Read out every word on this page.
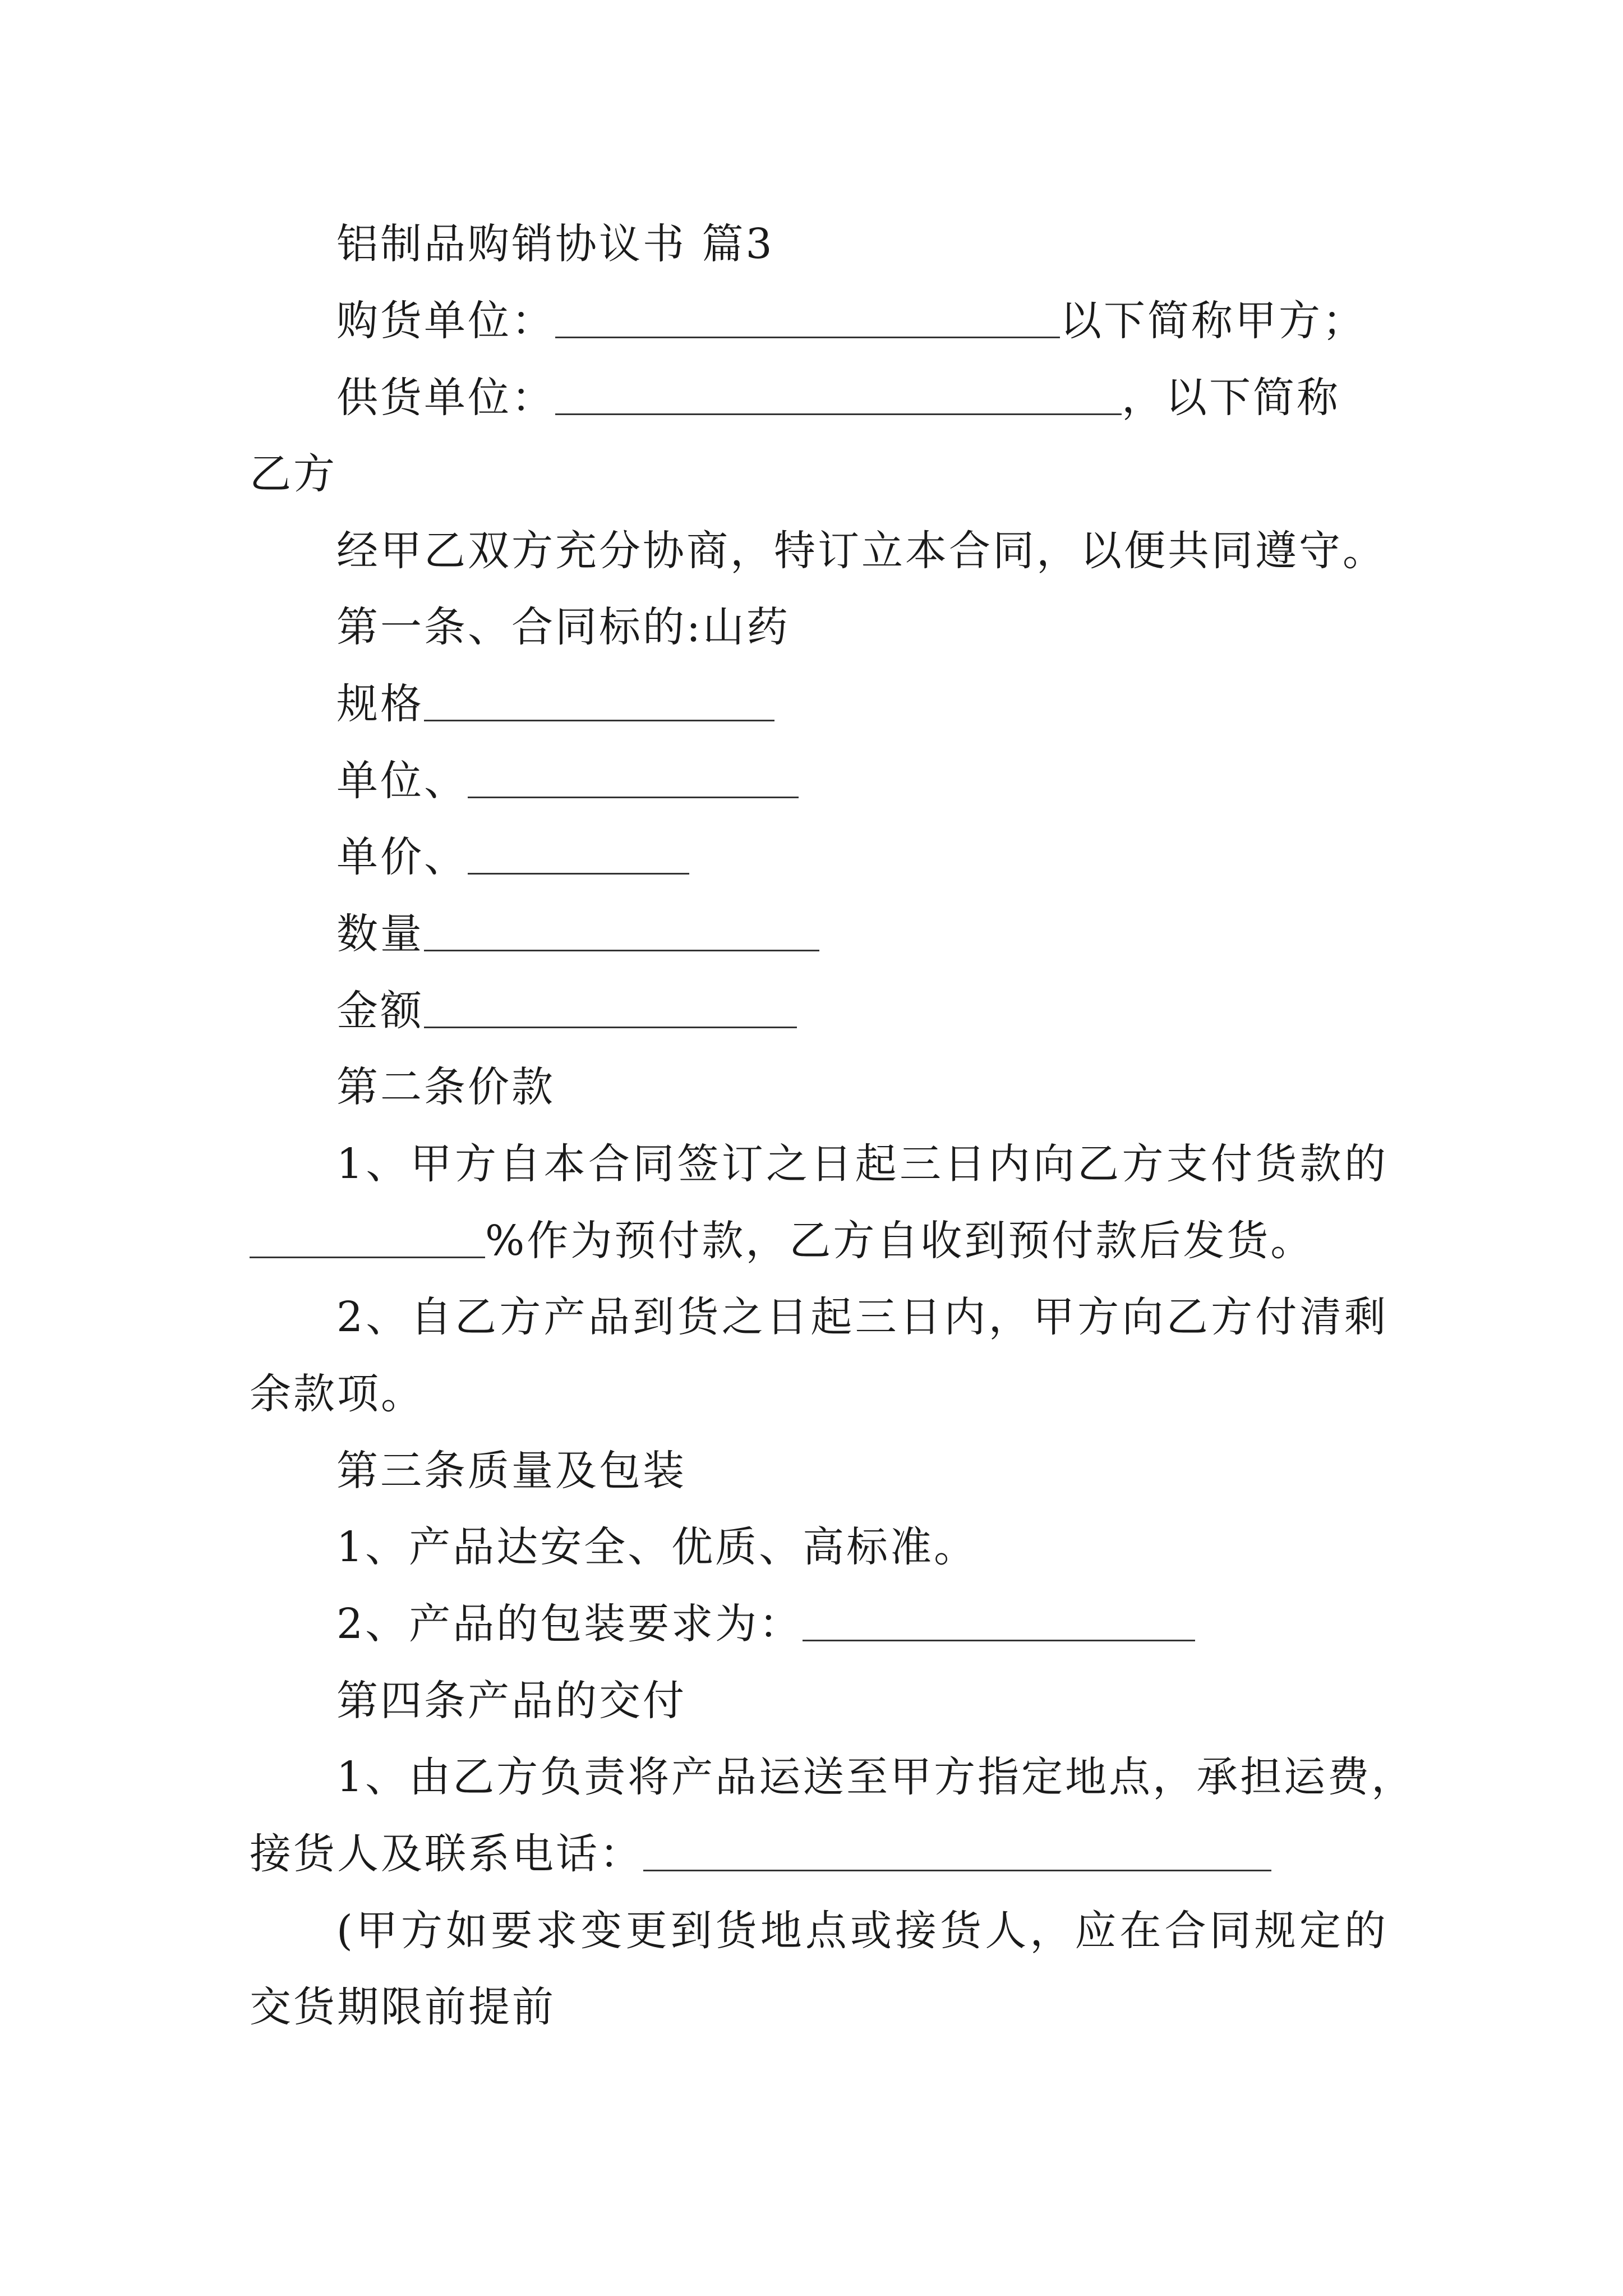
铝制品购销协议书 篇3
购货单位：	以下简称甲方；
供货单位：	，以下简称
乙方
经甲乙双方充分协商，特订立本合同，以便共同遵守。
第一条、合同标的:山药
规格
单位、
单价、
数量
金额
第二条价款
1、甲方自本合同签订之日起三日内向乙方支付货款的
%作为预付款，乙方自收到预付款后发货。
2、自乙方产品到货之日起三日内，甲方向乙方付清剩
余款项。
第三条质量及包装
1、产品达安全、优质、高标准。
2、产品的包装要求为：
第四条产品的交付
1、由乙方负责将产品运送至甲方指定地点，承担运费，
接货人及联系电话：
(甲方如要求变更到货地点或接货人，应在合同规定的
交货期限前提前
